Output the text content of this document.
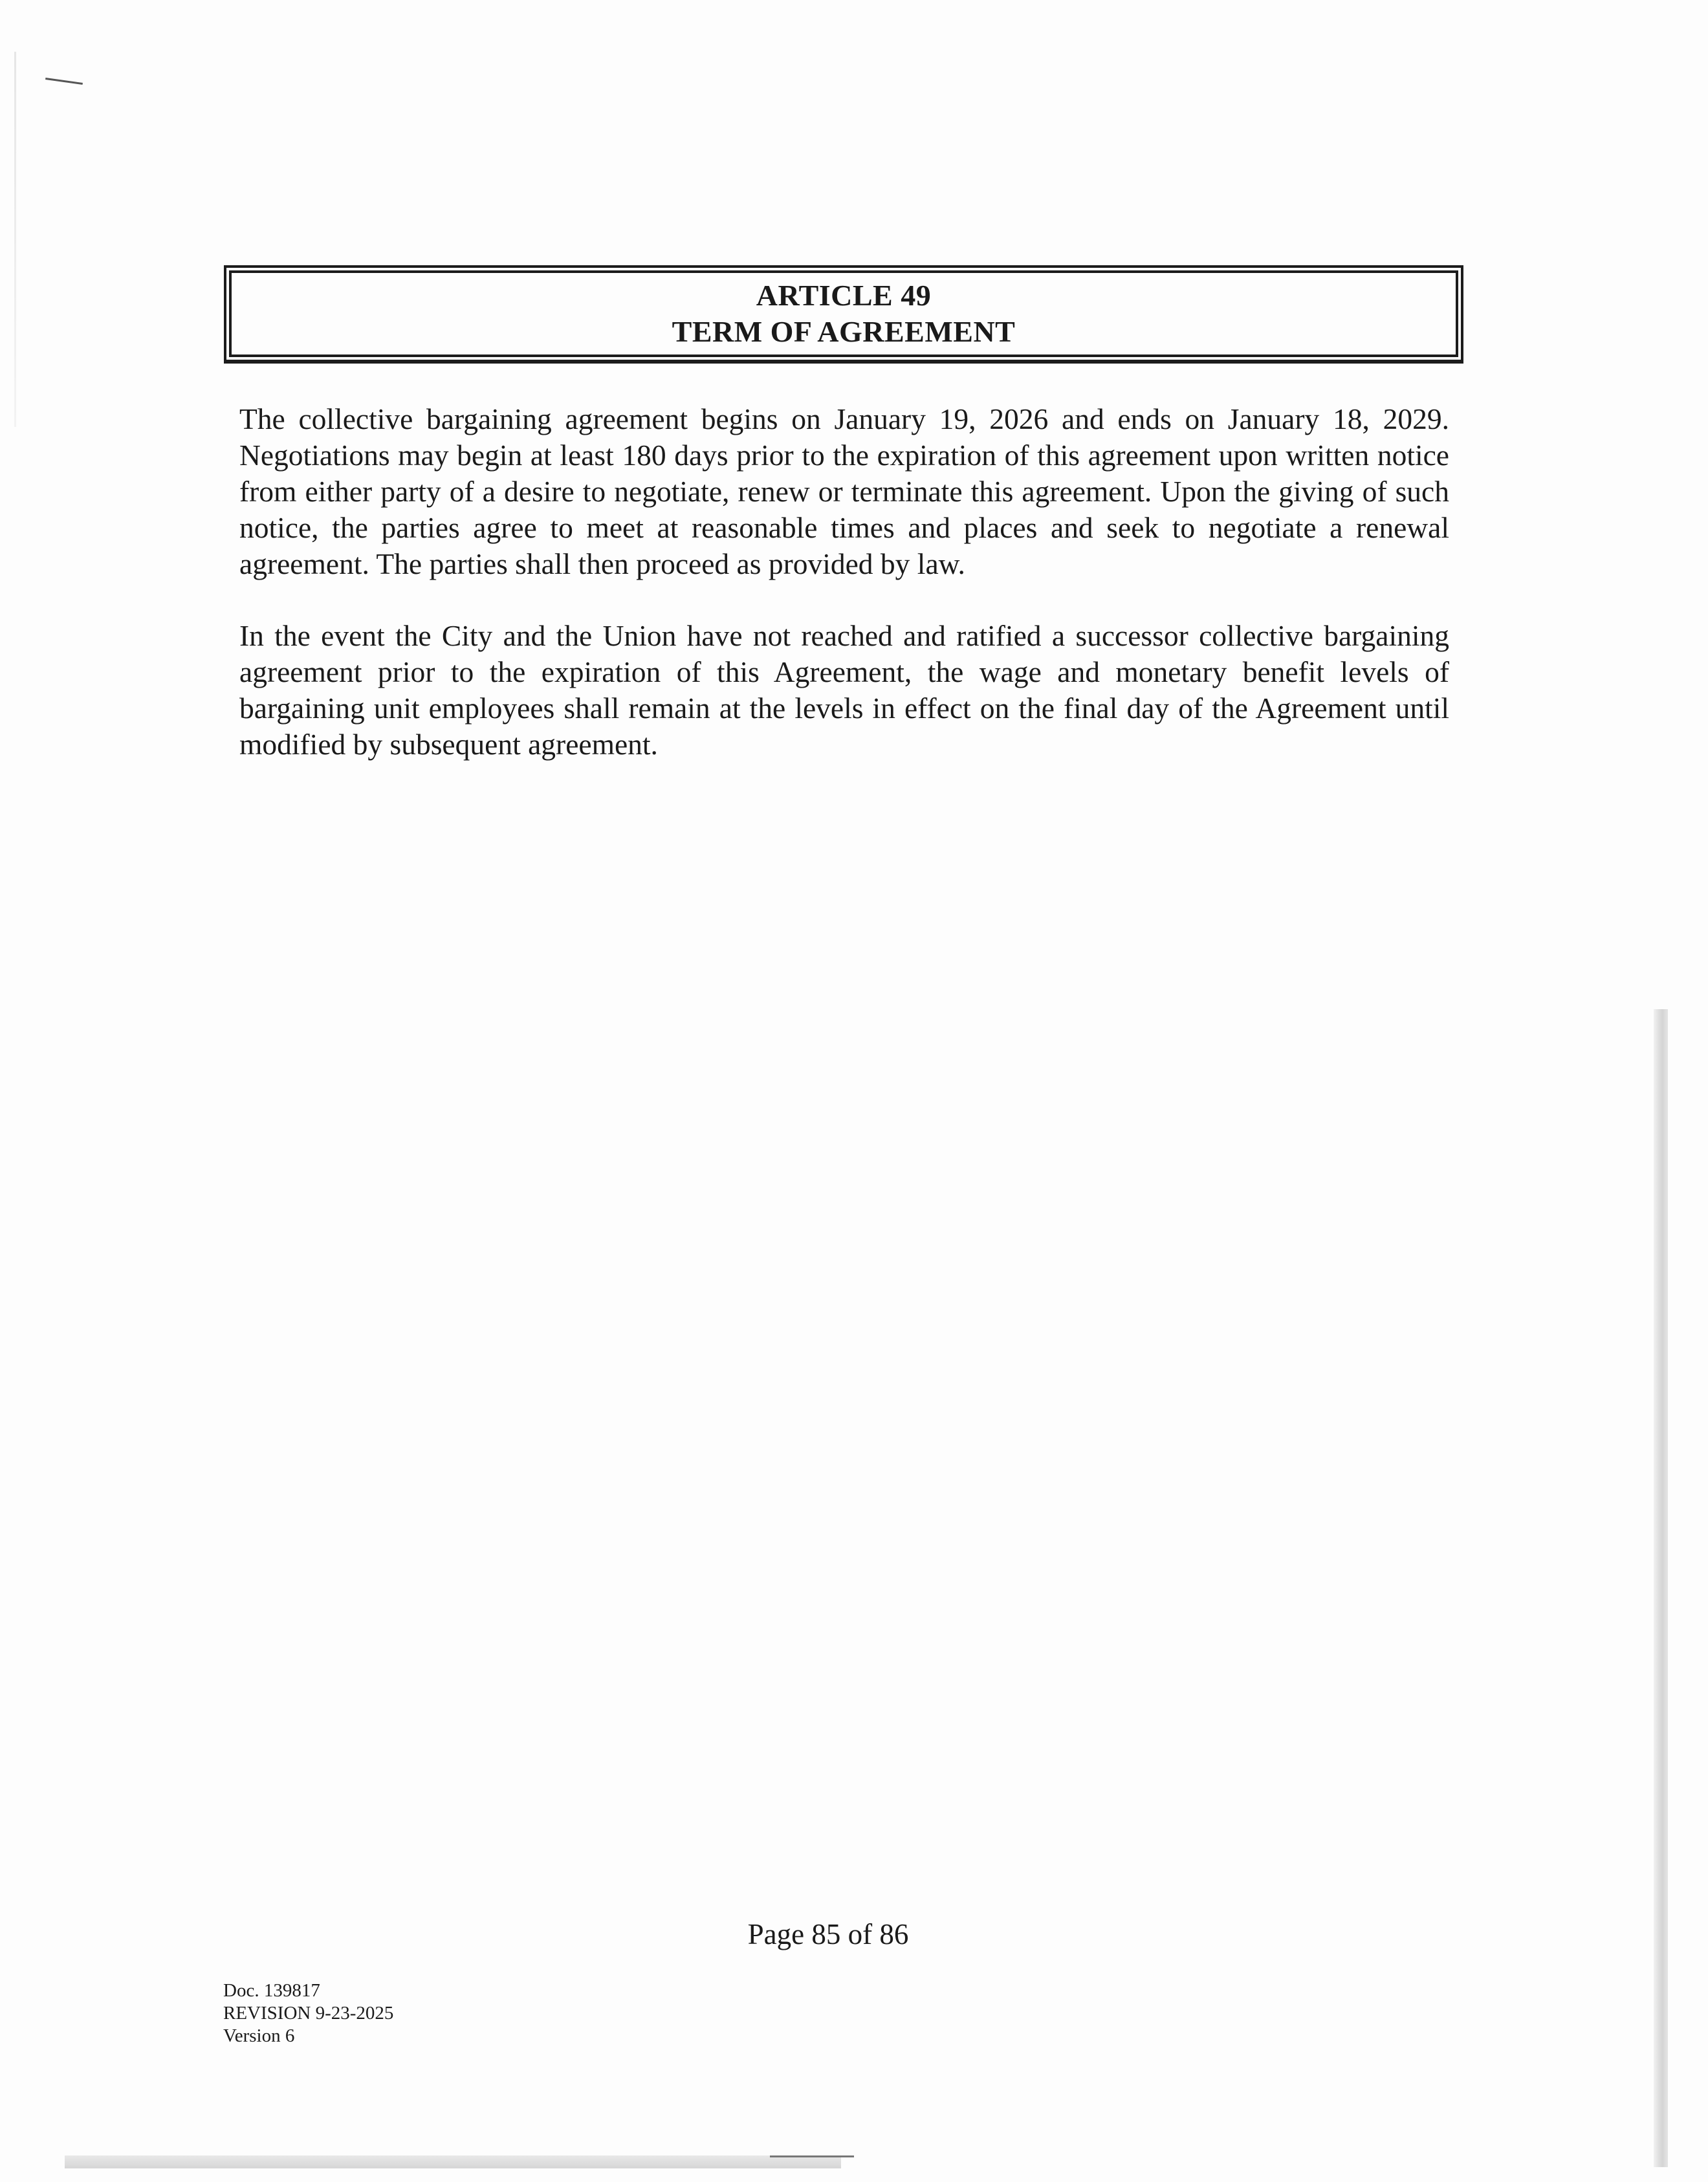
ARTICLE 49
TERM OF AGREEMENT

The collective bargaining agreement begins on January 19, 2026 and ends on January 18, 2029. Negotiations may begin at least 180 days prior to the expiration of this agreement upon written notice from either party of a desire to negotiate, renew or terminate this agreement. Upon the giving of such notice, the parties agree to meet at reasonable times and places and seek to negotiate a renewal agreement. The parties shall then proceed as provided by law.

In the event the City and the Union have not reached and ratified a successor collective bargaining agreement prior to the expiration of this Agreement, the wage and monetary benefit levels of bargaining unit employees shall remain at the levels in effect on the final day of the Agreement until modified by subsequent agreement.

Page 85 of 86
Doc. 139817
REVISION 9-23-2025
Version 6
